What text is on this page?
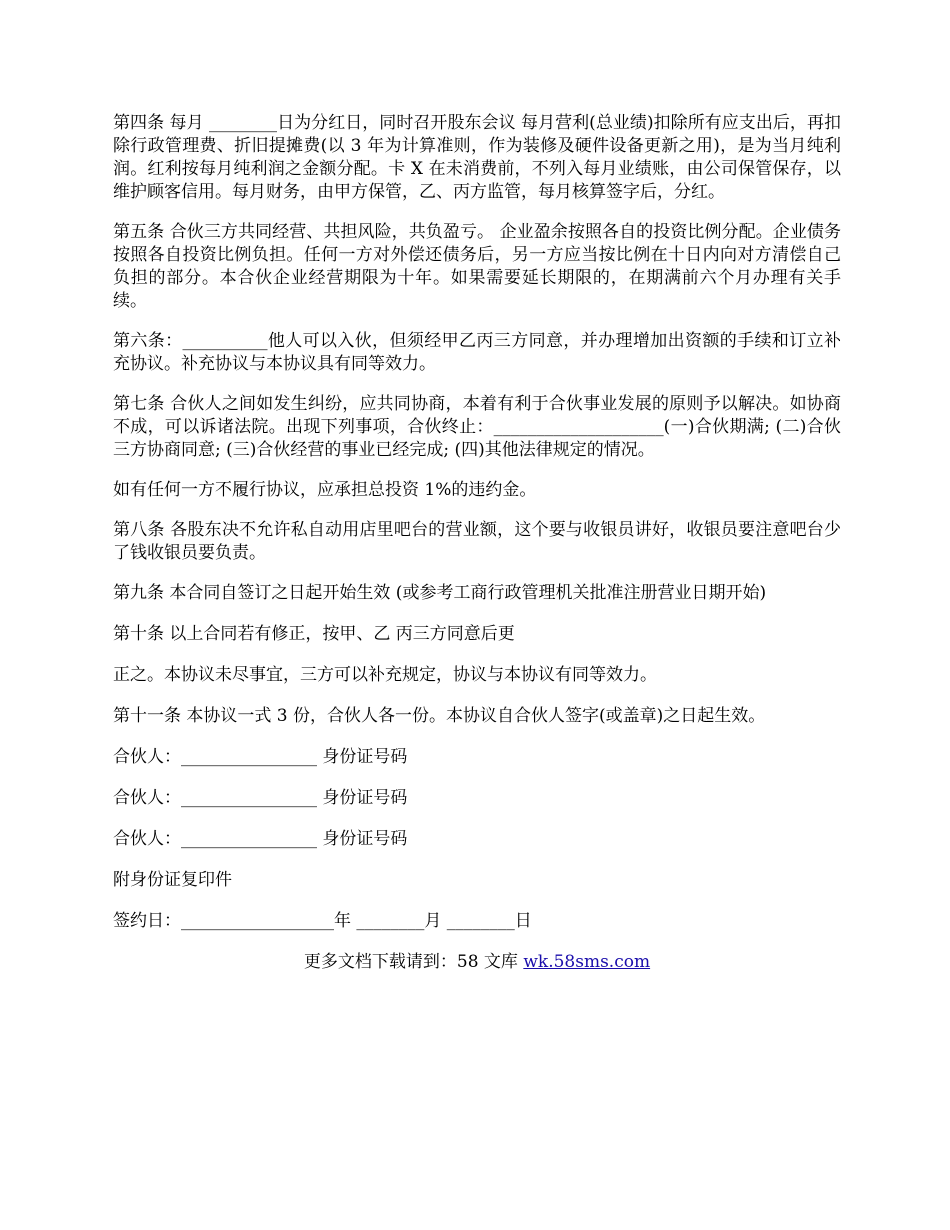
第四条 每月 ________日为分红日，同时召开股东会议 每月营利(总业绩)扣除所有应支出后，再扣除行政管理费、折旧提摊费(以 3 年为计算准则，作为装修及硬件设备更新之用)，是为当月纯利润。红利按每月纯利润之金额分配。卡 X 在未消费前，不列入每月业绩账，由公司保管保存，以维护顾客信用。每月财务，由甲方保管，乙、丙方监管，每月核算签字后，分红。

第五条 合伙三方共同经营、共担风险，共负盈亏。 企业盈余按照各自的投资比例分配。企业债务按照各自投资比例负担。任何一方对外偿还债务后，另一方应当按比例在十日内向对方清偿自己负担的部分。本合伙企业经营期限为十年。如果需要延长期限的，在期满前六个月办理有关手续。

第六条：__________他人可以入伙，但须经甲乙丙三方同意，并办理增加出资额的手续和订立补充协议。补充协议与本协议具有同等效力。

第七条 合伙人之间如发生纠纷，应共同协商，本着有利于合伙事业发展的原则予以解决。如协商不成，可以诉诸法院。出现下列事项，合伙终止：____________________(一)合伙期满; (二)合伙三方协商同意; (三)合伙经营的事业已经完成; (四)其他法律规定的情况。

如有任何一方不履行协议，应承担总投资 1%的违约金。

第八条 各股东决不允许私自动用店里吧台的营业额，这个要与收银员讲好，收银员要注意吧台少了钱收银员要负责。

第九条 本合同自签订之日起开始生效 (或参考工商行政管理机关批准注册营业日期开始)

第十条 以上合同若有修正，按甲、乙 丙三方同意后更

正之。本协议未尽事宜，三方可以补充规定，协议与本协议有同等效力。

第十一条 本协议一式 3 份，合伙人各一份。本协议自合伙人签字(或盖章)之日起生效。

合伙人：________________ 身份证号码

合伙人：________________ 身份证号码

合伙人：________________ 身份证号码

附身份证复印件

签约日：__________________年 ________月 ________日

更多文档下载请到：58 文库 wk.58sms.com
